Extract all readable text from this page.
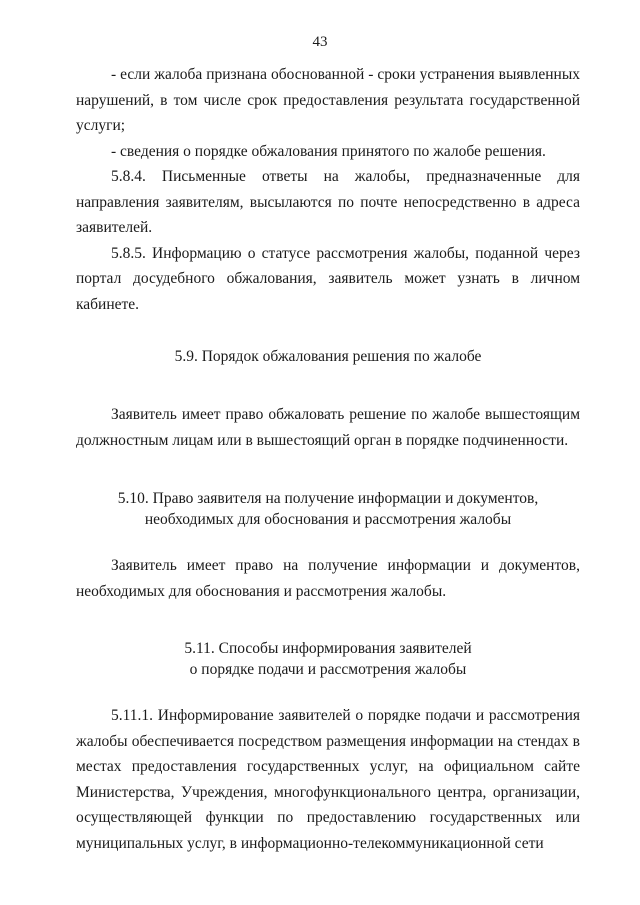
43

- если жалоба признана обоснованной - сроки устранения выявленных нарушений, в том числе срок предоставления результата государственной услуги;

- сведения о порядке обжалования принятого по жалобе решения.

5.8.4. Письменные ответы на жалобы, предназначенные для направления заявителям, высылаются по почте непосредственно в адреса заявителей.

5.8.5. Информацию о статусе рассмотрения жалобы, поданной через портал досудебного обжалования, заявитель может узнать в личном кабинете.

5.9. Порядок обжалования решения по жалобе

Заявитель имеет право обжаловать решение по жалобе вышестоящим должностным лицам или в вышестоящий орган в порядке подчиненности.

5.10. Право заявителя на получение информации и документов,
необходимых для обоснования и рассмотрения жалобы

Заявитель имеет право на получение информации и документов, необходимых для обоснования и рассмотрения жалобы.

5.11. Способы информирования заявителей
о порядке подачи и рассмотрения жалобы

5.11.1. Информирование заявителей о порядке подачи и рассмотрения жалобы обеспечивается посредством размещения информации на стендах в местах предоставления государственных услуг, на официальном сайте Министерства, Учреждения, многофункционального центра, организации, осуществляющей функции по предоставлению государственных или муниципальных услуг, в информационно-телекоммуникационной сети
